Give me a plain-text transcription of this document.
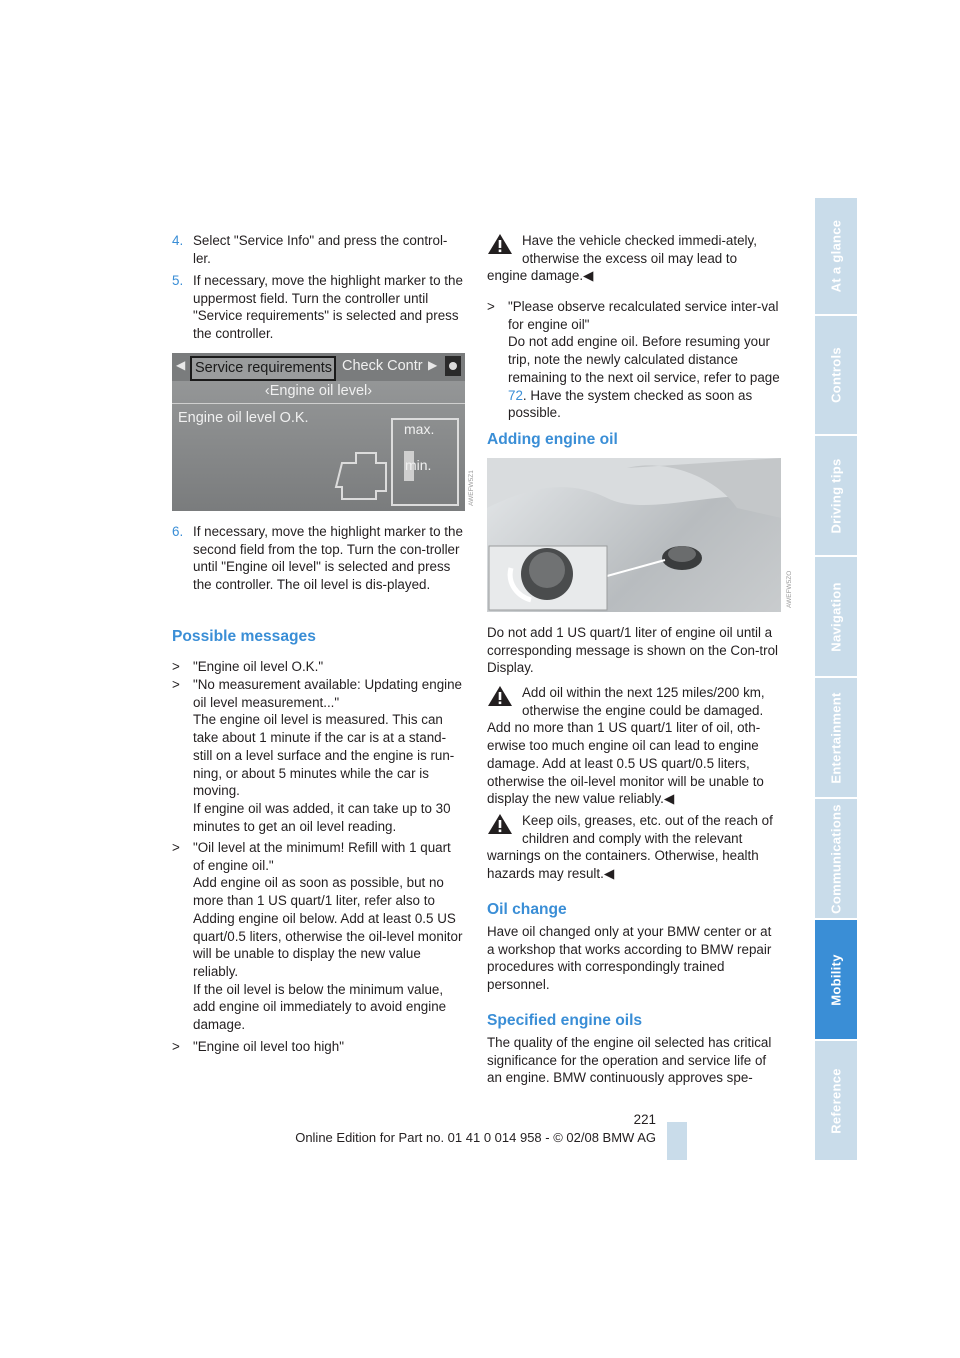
4. Select "Service Info" and press the control-ler.
5. If necessary, move the highlight marker to the uppermost field. Turn the controller until "Service requirements" is selected and press the controller.
◀ Service requirements Check Contr ▶
‹Engine oil level›
Engine oil level O.K.
max.
min.
AWEFW5Z1
6. If necessary, move the highlight marker to the second field from the top. Turn the con-troller until "Engine oil level" is selected and press the controller. The oil level is dis-played.
Possible messages
> "Engine oil level O.K."
> "No measurement available: Updating engine oil level measurement..."
The engine oil level is measured. This can take about 1 minute if the car is at a stand-still on a level surface and the engine is run-ning, or about 5 minutes while the car is moving.
If engine oil was added, it can take up to 30 minutes to get an oil level reading.
> "Oil level at the minimum! Refill with 1 quart of engine oil."
Add engine oil as soon as possible, but no more than 1 US quart/1 liter, refer also to Adding engine oil below. Add at least 0.5 US quart/0.5 liters, otherwise the oil-level monitor will be unable to display the new value reliably.
If the oil level is below the minimum value, add engine oil immediately to avoid engine damage.
> "Engine oil level too high"
Have the vehicle checked immedi-ately, otherwise the excess oil may lead to engine damage.◀
> "Please observe recalculated service inter-val for engine oil"
Do not add engine oil. Before resuming your trip, note the newly calculated distance remaining to the next oil service, refer to page 72. Have the system checked as soon as possible.
Adding engine oil
AWEFW5ZO

Do not add 1 US quart/1 liter of engine oil until a corresponding message is shown on the Con-trol Display.

Add oil within the next 125 miles/200 km, otherwise the engine could be damaged. Add no more than 1 US quart/1 liter of oil, oth-erwise too much engine oil can lead to engine damage. Add at least 0.5 US quart/0.5 liters, otherwise the oil-level monitor will be unable to display the new value reliably.◀
Keep oils, greases, etc. out of the reach of children and comply with the relevant warnings on the containers. Otherwise, health hazards may result.◀
Oil change

Have oil changed only at your BMW center or at a workshop that works according to BMW repair procedures with correspondingly trained personnel.

Specified engine oils

The quality of the engine oil selected has critical significance for the operation and service life of an engine. BMW continuously approves spe-

At a glance
Controls
Driving tips
Navigation
Entertainment
Communications
Mobility
Reference
221
Online Edition for Part no. 01 41 0 014 958 - © 02/08 BMW AG
